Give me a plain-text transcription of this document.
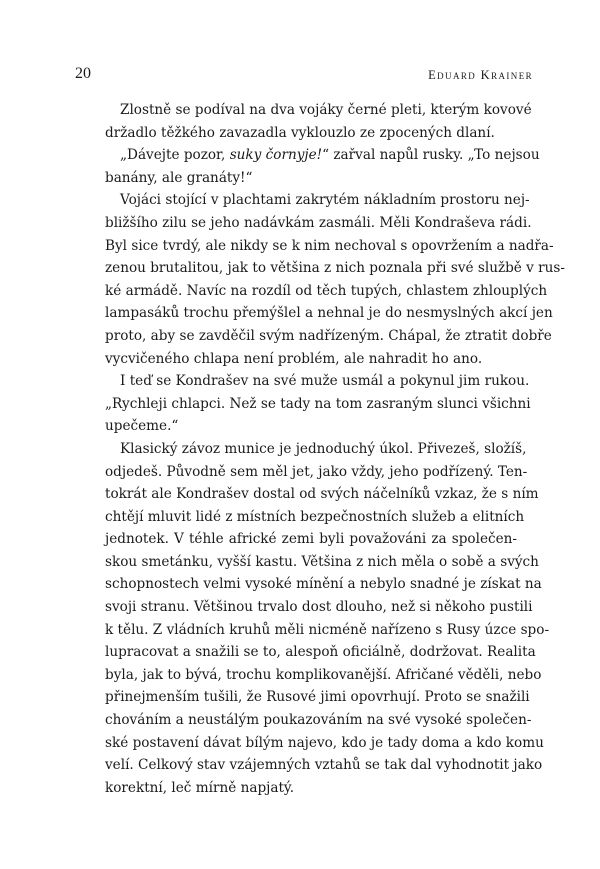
20	Eduard Krainer

Zlostně se podíval na dva vojáky černé pleti, kterým kovové
držadlo těžkého zavazadla vyklouzlo ze zpocených dlaní.

„Dávejte pozor, suky čornyje!“ zařval napůl rusky. „To nejsou
banány, ale granáty!“

Vojáci stojící v plachtami zakrytém nákladním prostoru nej-
bližšího zilu se jeho nadávkám zasmáli. Měli Kondraševa rádi.
Byl sice tvrdý, ale nikdy se k nim nechoval s opovržením a nadřa-
zenou brutalitou, jak to většina z nich poznala při své službě v rus-
ké armádě. Navíc na rozdíl od těch tupých, chlastem zhlouplých
lampasáků trochu přemýšlel a nehnal je do nesmyslných akcí jen
proto, aby se zavděčil svým nadřízeným. Chápal, že ztratit dobře
vycvičeného chlapa není problém, ale nahradit ho ano.

I teď se Kondrašev na své muže usmál a pokynul jim rukou.
„Rychleji chlapci. Než se tady na tom zasraným slunci všichni
upečeme.“

Klasický závoz munice je jednoduchý úkol. Přivezeš, složíš,
odjedeš. Původně sem měl jet, jako vždy, jeho podřízený. Ten-
tokrát ale Kondrašev dostal od svých náčelníků vzkaz, že s ním
chtějí mluvit lidé z místních bezpečnostních služeb a elitních
jednotek. V téhle africké zemi byli považováni za společen-
skou smetánku, vyšší kastu. Většina z nich měla o sobě a svých
schopnostech velmi vysoké mínění a nebylo snadné je získat na
svoji stranu. Většinou trvalo dost dlouho, než si někoho pustili
k tělu. Z vládních kruhů měli nicméně nařízeno s Rusy úzce spo-
lupracovat a snažili se to, alespoň oficiálně, dodržovat. Realita
byla, jak to bývá, trochu komplikovanější. Afričané věděli, nebo
přinejmenším tušili, že Rusové jimi opovrhují. Proto se snažili
chováním a neustálým poukazováním na své vysoké společen-
ské postavení dávat bílým najevo, kdo je tady doma a kdo komu
velí. Celkový stav vzájemných vztahů se tak dal vyhodnotit jako
korektní, leč mírně napjatý.
